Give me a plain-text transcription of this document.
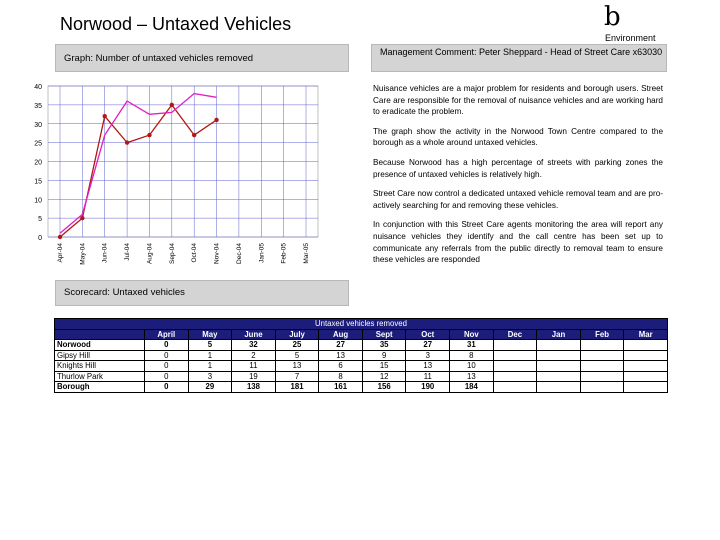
Norwood – Untaxed Vehicles	b
Environment
Graph: Number of untaxed vehicles removed
Management Comment: Peter Sheppard - Head of Street Care x63030

Nuisance vehicles are a major problem for residents and borough users. Street Care are responsible for the removal of nuisance vehicles and are working hard to eradicate the problem.

The graph show the activity in the Norwood Town Centre compared to the borough as a whole around untaxed vehicles.

Because Norwood has a high percentage of streets with parking zones the presence of untaxed vehicles is relatively high.

Street Care now control a dedicated untaxed vehicle removal team and are pro-actively searching for and removing these vehicles.

In conjunction with this Street Care agents monitoring the area will report any nuisance vehicles they identify and the call centre has been set up to communicate any referrals from the public directly to removal team to ensure these vehicles are responded

0
5
10
15
20
25
30
35
40
Apr-04 May-04 Jun-04 Jul-04 Aug-04 Sep-04 Oct-04 Nov-04 Dec-04 Jan-05 Feb-05 Mar-05
Scorecard: Untaxed vehicles
Untaxed vehicles removed												
	April	May	June	July	Aug	Sept	Oct	Nov	Dec	Jan	Feb	Mar
Norwood	0	5	32	25	27	35	27	31				
Gipsy Hill	0	1	2	5	13	9	3	8				
Knights Hill	0	1	11	13	6	15	13	10				
Thurlow Park	0	3	19	7	8	12	11	13				
Borough	0	29	138	181	161	156	190	184				
